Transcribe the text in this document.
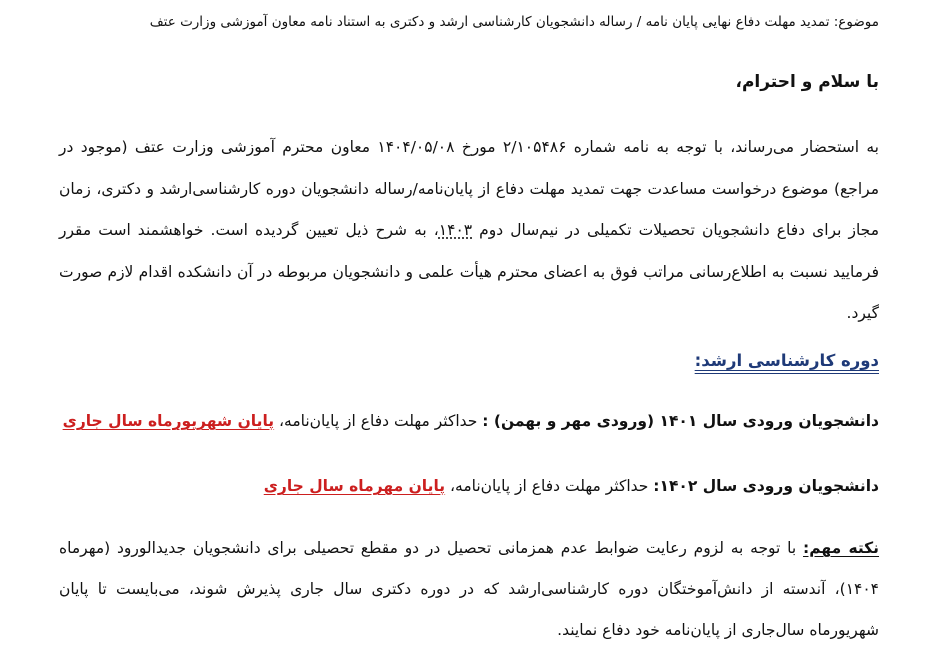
موضوع: تمدید مهلت دفاع نهایی پایان نامه / رساله دانشجویان کارشناسی ارشد و دکتری به استناد نامه معاون آموزشی وزارت عتف
با سلام و احترام،

به استحضار می‌رساند، با توجه به نامه شماره ۲/۱۰۵۴۸۶ مورخ ۱۴۰۴/۰۵/۰۸ معاون محترم آموزشی وزارت عتف (موجود در مراجع) موضوع درخواست مساعدت جهت تمدید مهلت دفاع از پایان‌نامه/رساله دانشجویان دوره کارشناسی‌ارشد و دکتری، زمان مجاز برای دفاع دانشجویان تحصیلات تکمیلی در نیم‌سال دوم ۱۴۰۳، به شرح ذیل تعیین گردیده است. خواهشمند است مقرر فرمایید نسبت به اطلاع‌رسانی مراتب فوق به اعضای محترم هیأت علمی و دانشجویان مربوطه در آن دانشکده اقدام لازم صورت گیرد.

دوره کارشناسی ارشد:
دانشجویان ورودی سال ۱۴۰۱ (ورودی مهر و بهمن) : حداکثر مهلت دفاع از پایان‌نامه، پایان شهریورماه سال جاری
دانشجویان ورودی سال ۱۴۰۲: حداکثر مهلت دفاع از پایان‌نامه، پایان مهرماه سال جاری

نکته مهم: با توجه به لزوم رعایت ضوابط عدم همزمانی تحصیل در دو مقطع تحصیلی برای دانشجویان جدیدالورود (مهرماه ۱۴۰۴)، آندسته از دانش‌آموختگان دوره کارشناسی‌ارشد که در دوره دکتری سال جاری پذیرش شوند، می‌بایست تا پایان شهریورماه سال‌جاری از پایان‌نامه خود دفاع نمایند.
